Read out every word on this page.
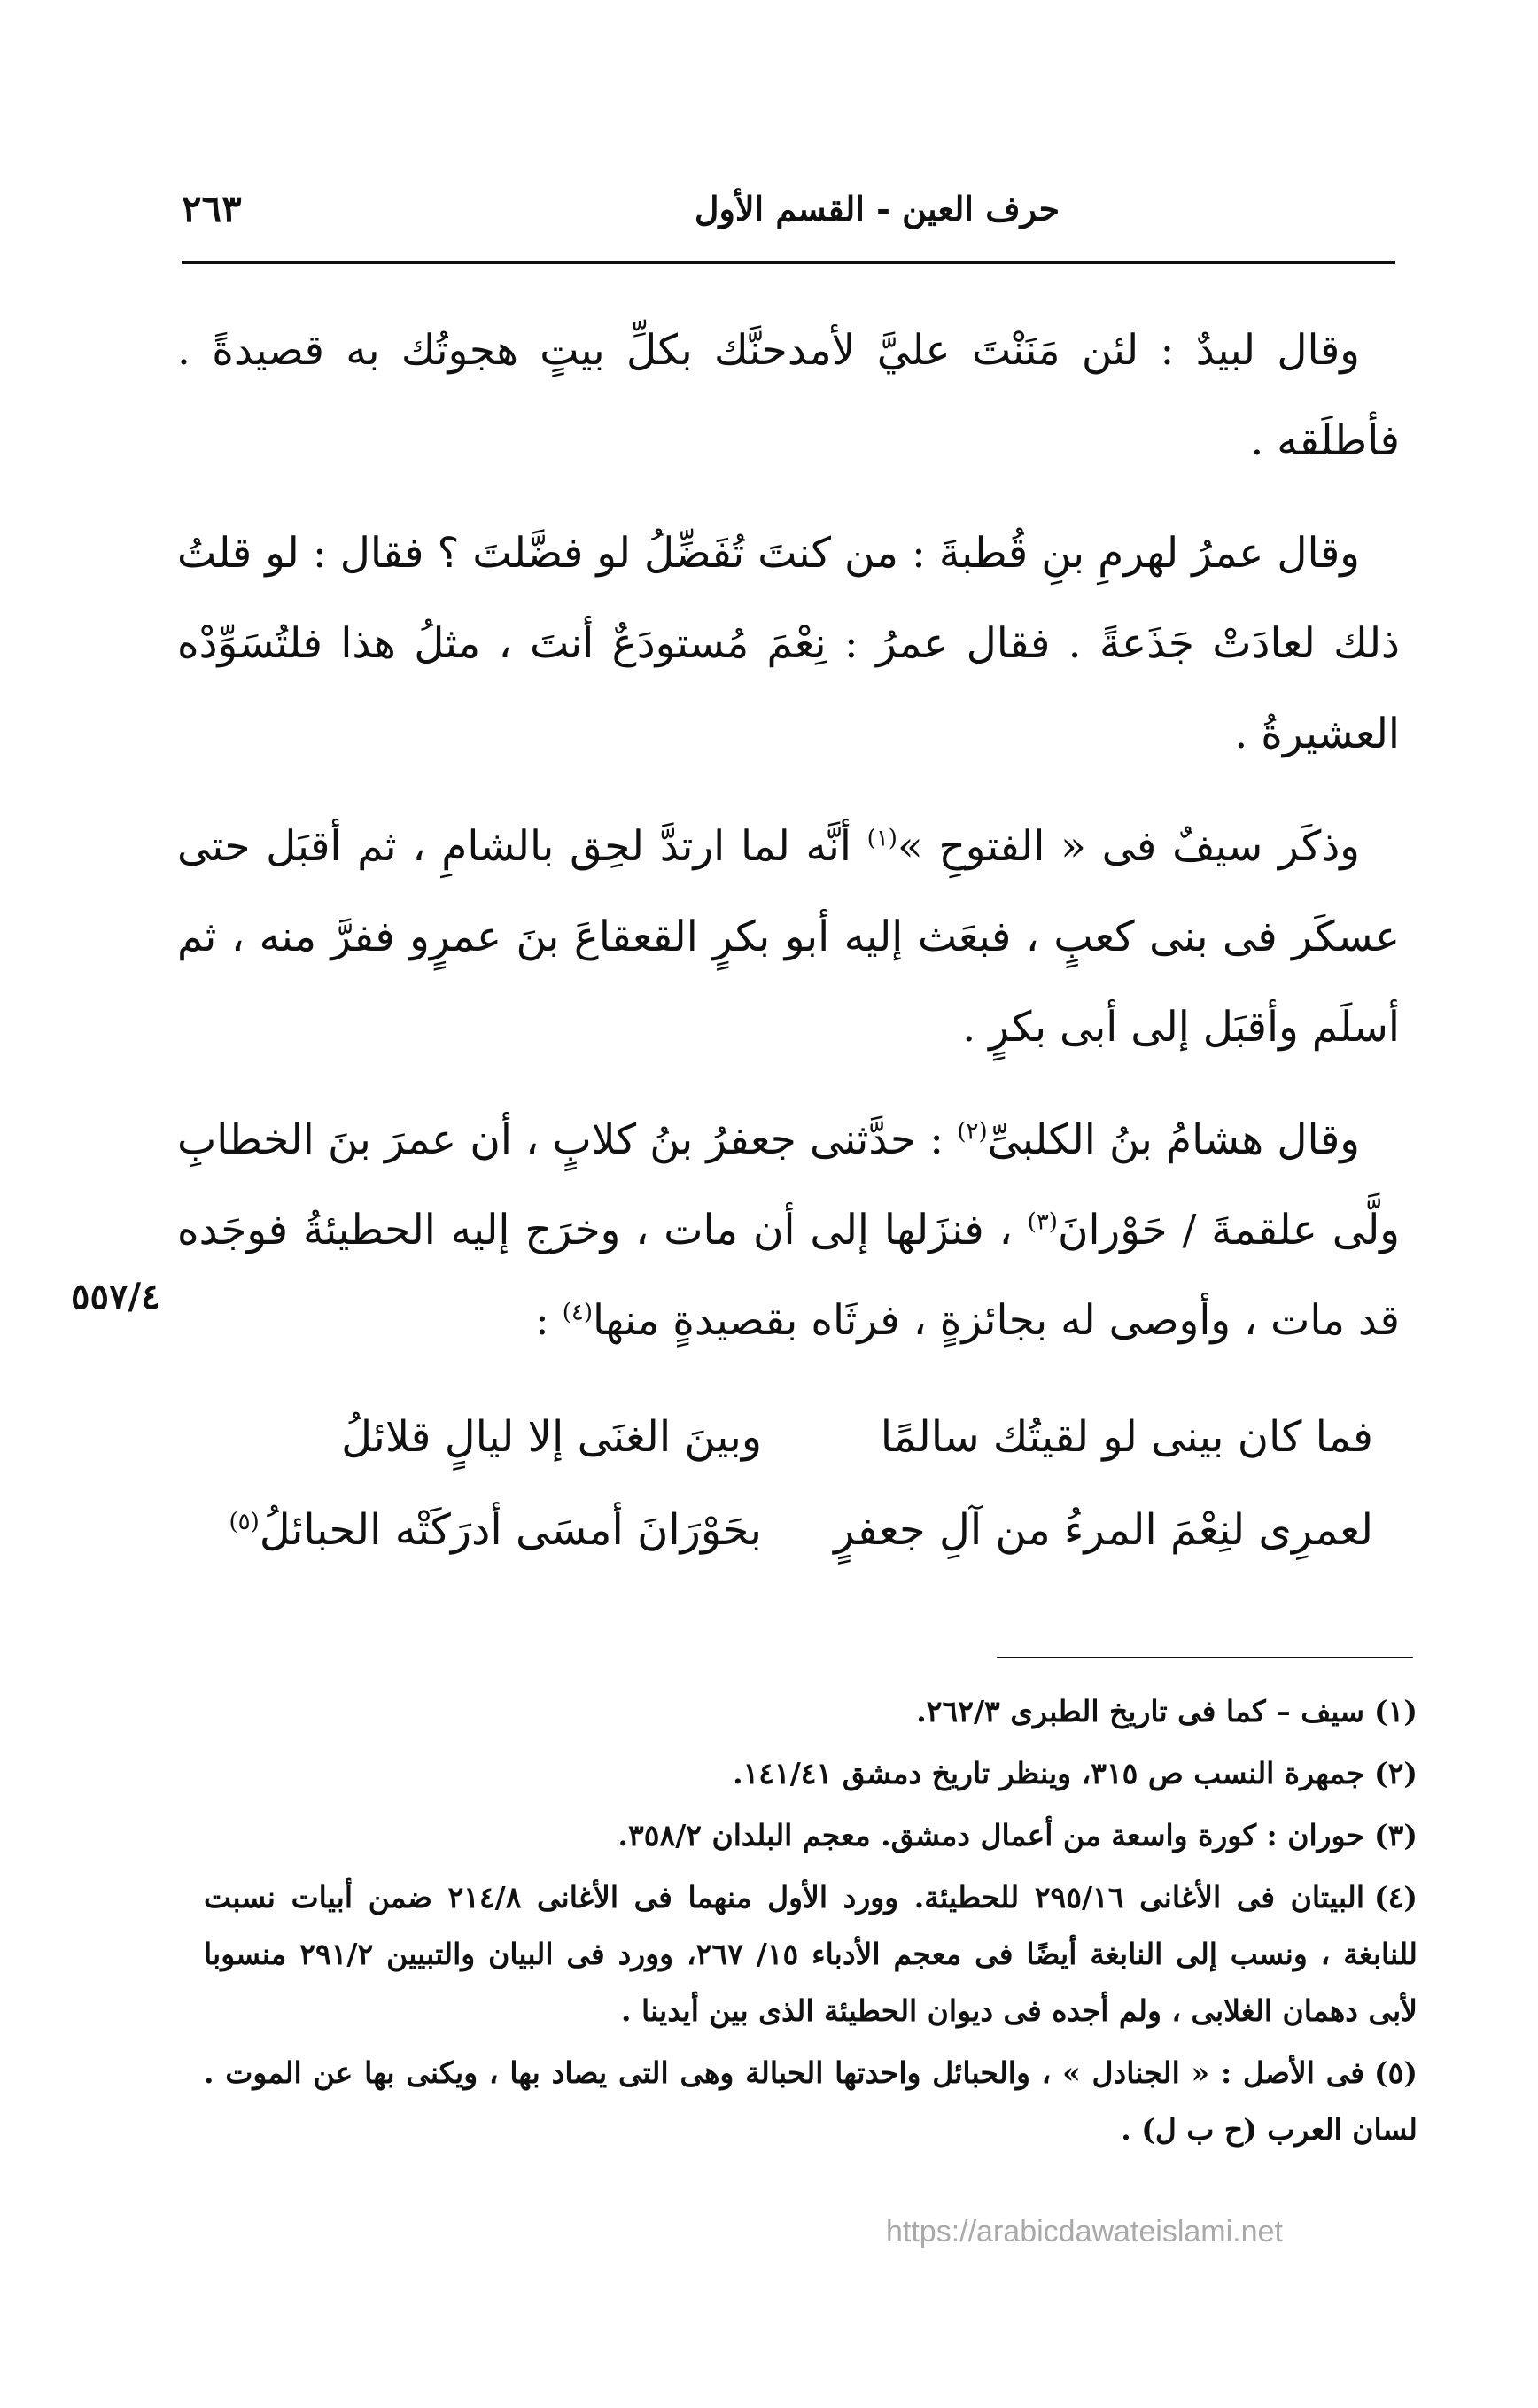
حرف العين - القسم الأول
٢٦٣

وقال لبيدٌ : لئن مَنَنْتَ عليَّ لأمدحنَّك بكلِّ بيتٍ هجوتُك به قصيدةً . فأطلَقه .

وقال عمرُ لهرمِ بنِ قُطبةَ : من كنتَ تُفَضِّلُ لو فضَّلتَ ؟ فقال : لو قلتُ ذلك لعادَتْ جَذَعةً . فقال عمرُ : نِعْمَ مُستودَعٌ أنتَ ، مثلُ هذا فلتُسَوِّدْه العشيرةُ .

وذكَر سيفٌ فى « الفتوحِ »$^{(١)}$ أنَّه لما ارتدَّ لحِق بالشامِ ، ثم أقبَل حتى عسكَر فى بنى كعبٍ ، فبعَث إليه أبو بكرٍ القعقاعَ بنَ عمرٍو ففرَّ منه ، ثم أسلَم وأقبَل إلى أبى بكرٍ .

وقال هشامُ بنُ الكلبىِّ$^{(٢)}$ : حدَّثنى جعفرُ بنُ كلابٍ ، أن عمرَ بنَ الخطابِ ولَّى علقمةَ / حَوْرانَ$^{(٣)}$ ، فنزَلها إلى أن مات ، وخرَج إليه الحطيئةُ فوجَده قد مات ، وأوصى له بجائزةٍ ، فرثَاه بقصيدةٍ منها$^{(٤)}$ :

٥٥٧/٤
فما كان بينى لو لقيتُك سالمًا
وبينَ الغنَى إلا ليالٍ قلائلُ
لعمرِى لنِعْمَ المرءُ من آلِ جعفرٍ
بحَوْرَانَ أمسَى أدرَكَتْه الحبائلُ$^{(٥)}$
(١)سيف – كما فى تاريخ الطبرى ٢٦٢/٣.
(٢)جمهرة النسب ص ٣١٥، وينظر تاريخ دمشق ١٤١/٤١.
(٣)حوران : كورة واسعة من أعمال دمشق. معجم البلدان ٣٥٨/٢.
(٤)البيتان فى الأغانى ٢٩٥/١٦ للحطيئة. وورد الأول منهما فى الأغانى ٢١٤/٨ ضمن أبيات نسبت للنابغة ، ونسب إلى النابغة أيضًا فى معجم الأدباء ١٥/ ٢٦٧، وورد فى البيان والتبيين ٢٩١/٢ منسوبا لأبى دهمان الغلابى ، ولم أجده فى ديوان الحطيئة الذى بين أيدينا .
(٥)فى الأصل : « الجنادل » ، والحبائل واحدتها الحبالة وهى التى يصاد بها ، ويكنى بها عن الموت . لسان العرب (ح ب ل) .
https://arabicdawateislami.net
